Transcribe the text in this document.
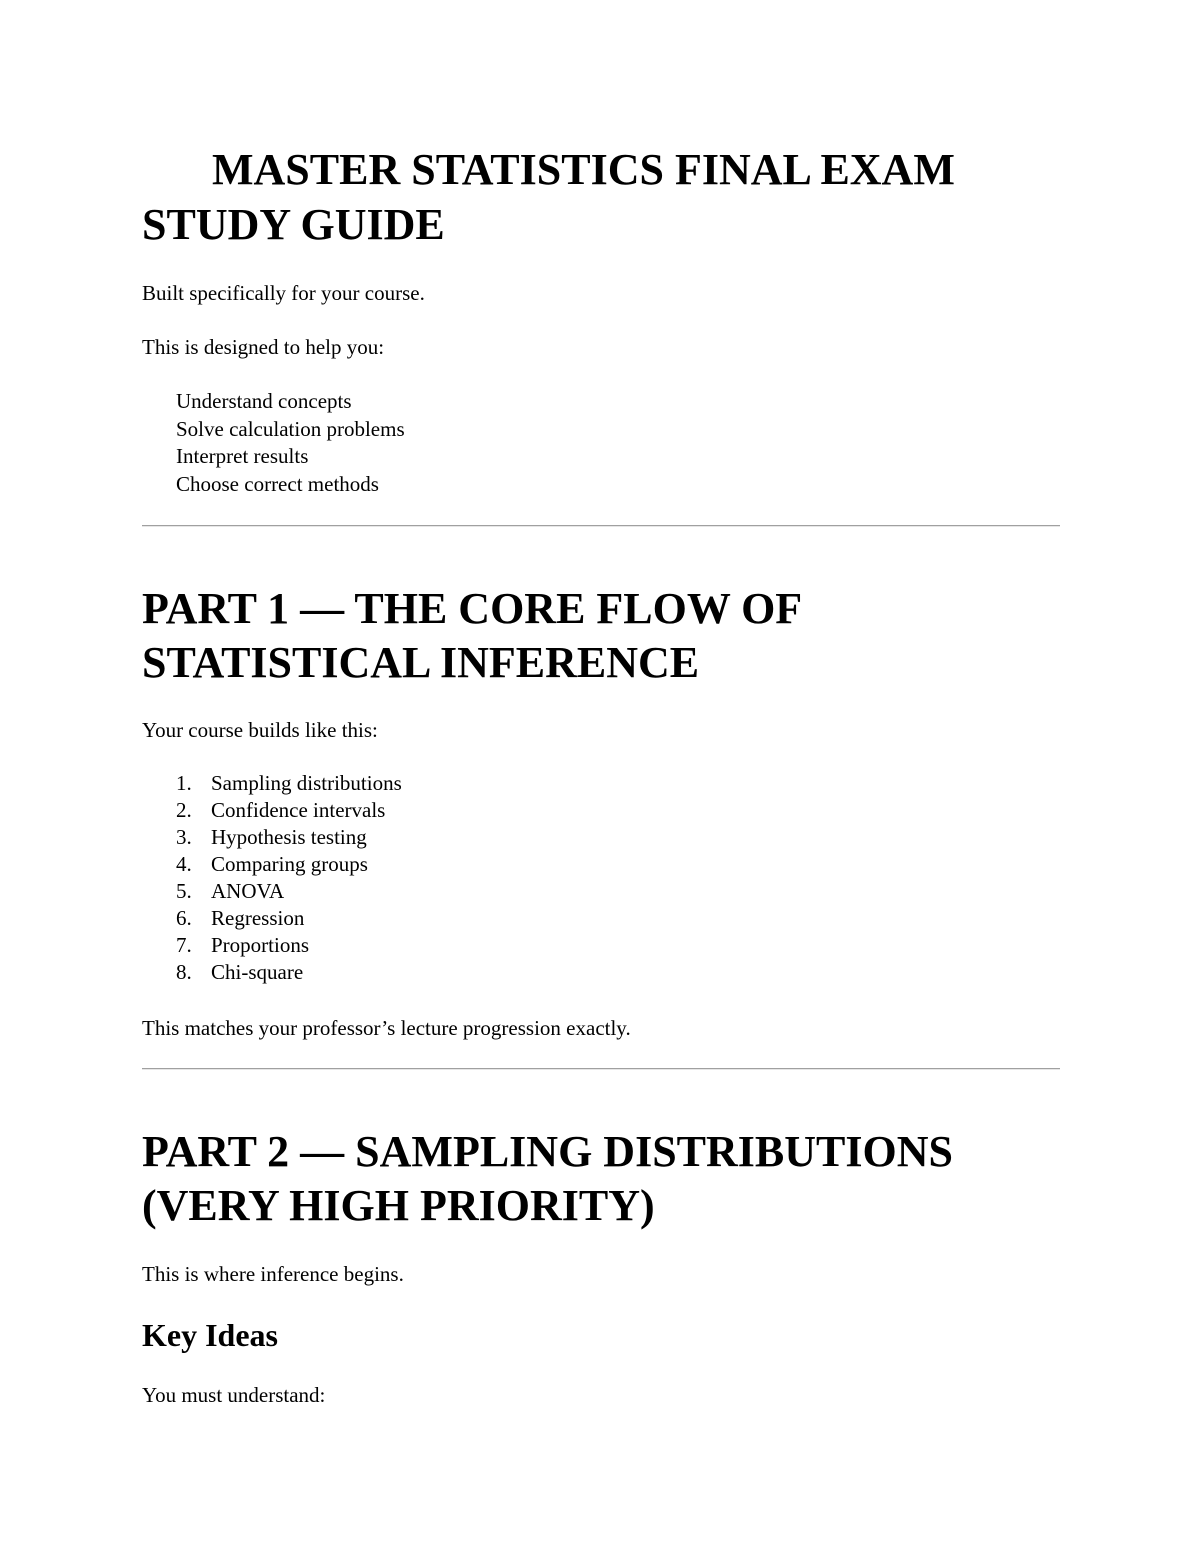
MASTER STATISTICS FINAL EXAM STUDY GUIDE

Built specifically for your course.

This is designed to help you:

Understand concepts
Solve calculation problems
Interpret results
Choose correct methods
PART 1 — THE CORE FLOW OF STATISTICAL INFERENCE

Your course builds like this:

1. Sampling distributions
2. Confidence intervals
3. Hypothesis testing
4. Comparing groups
5. ANOVA
6. Regression
7. Proportions
8. Chi-square

This matches your professor’s lecture progression exactly.

PART 2 — SAMPLING DISTRIBUTIONS (VERY HIGH PRIORITY)

This is where inference begins.

Key Ideas

You must understand:
